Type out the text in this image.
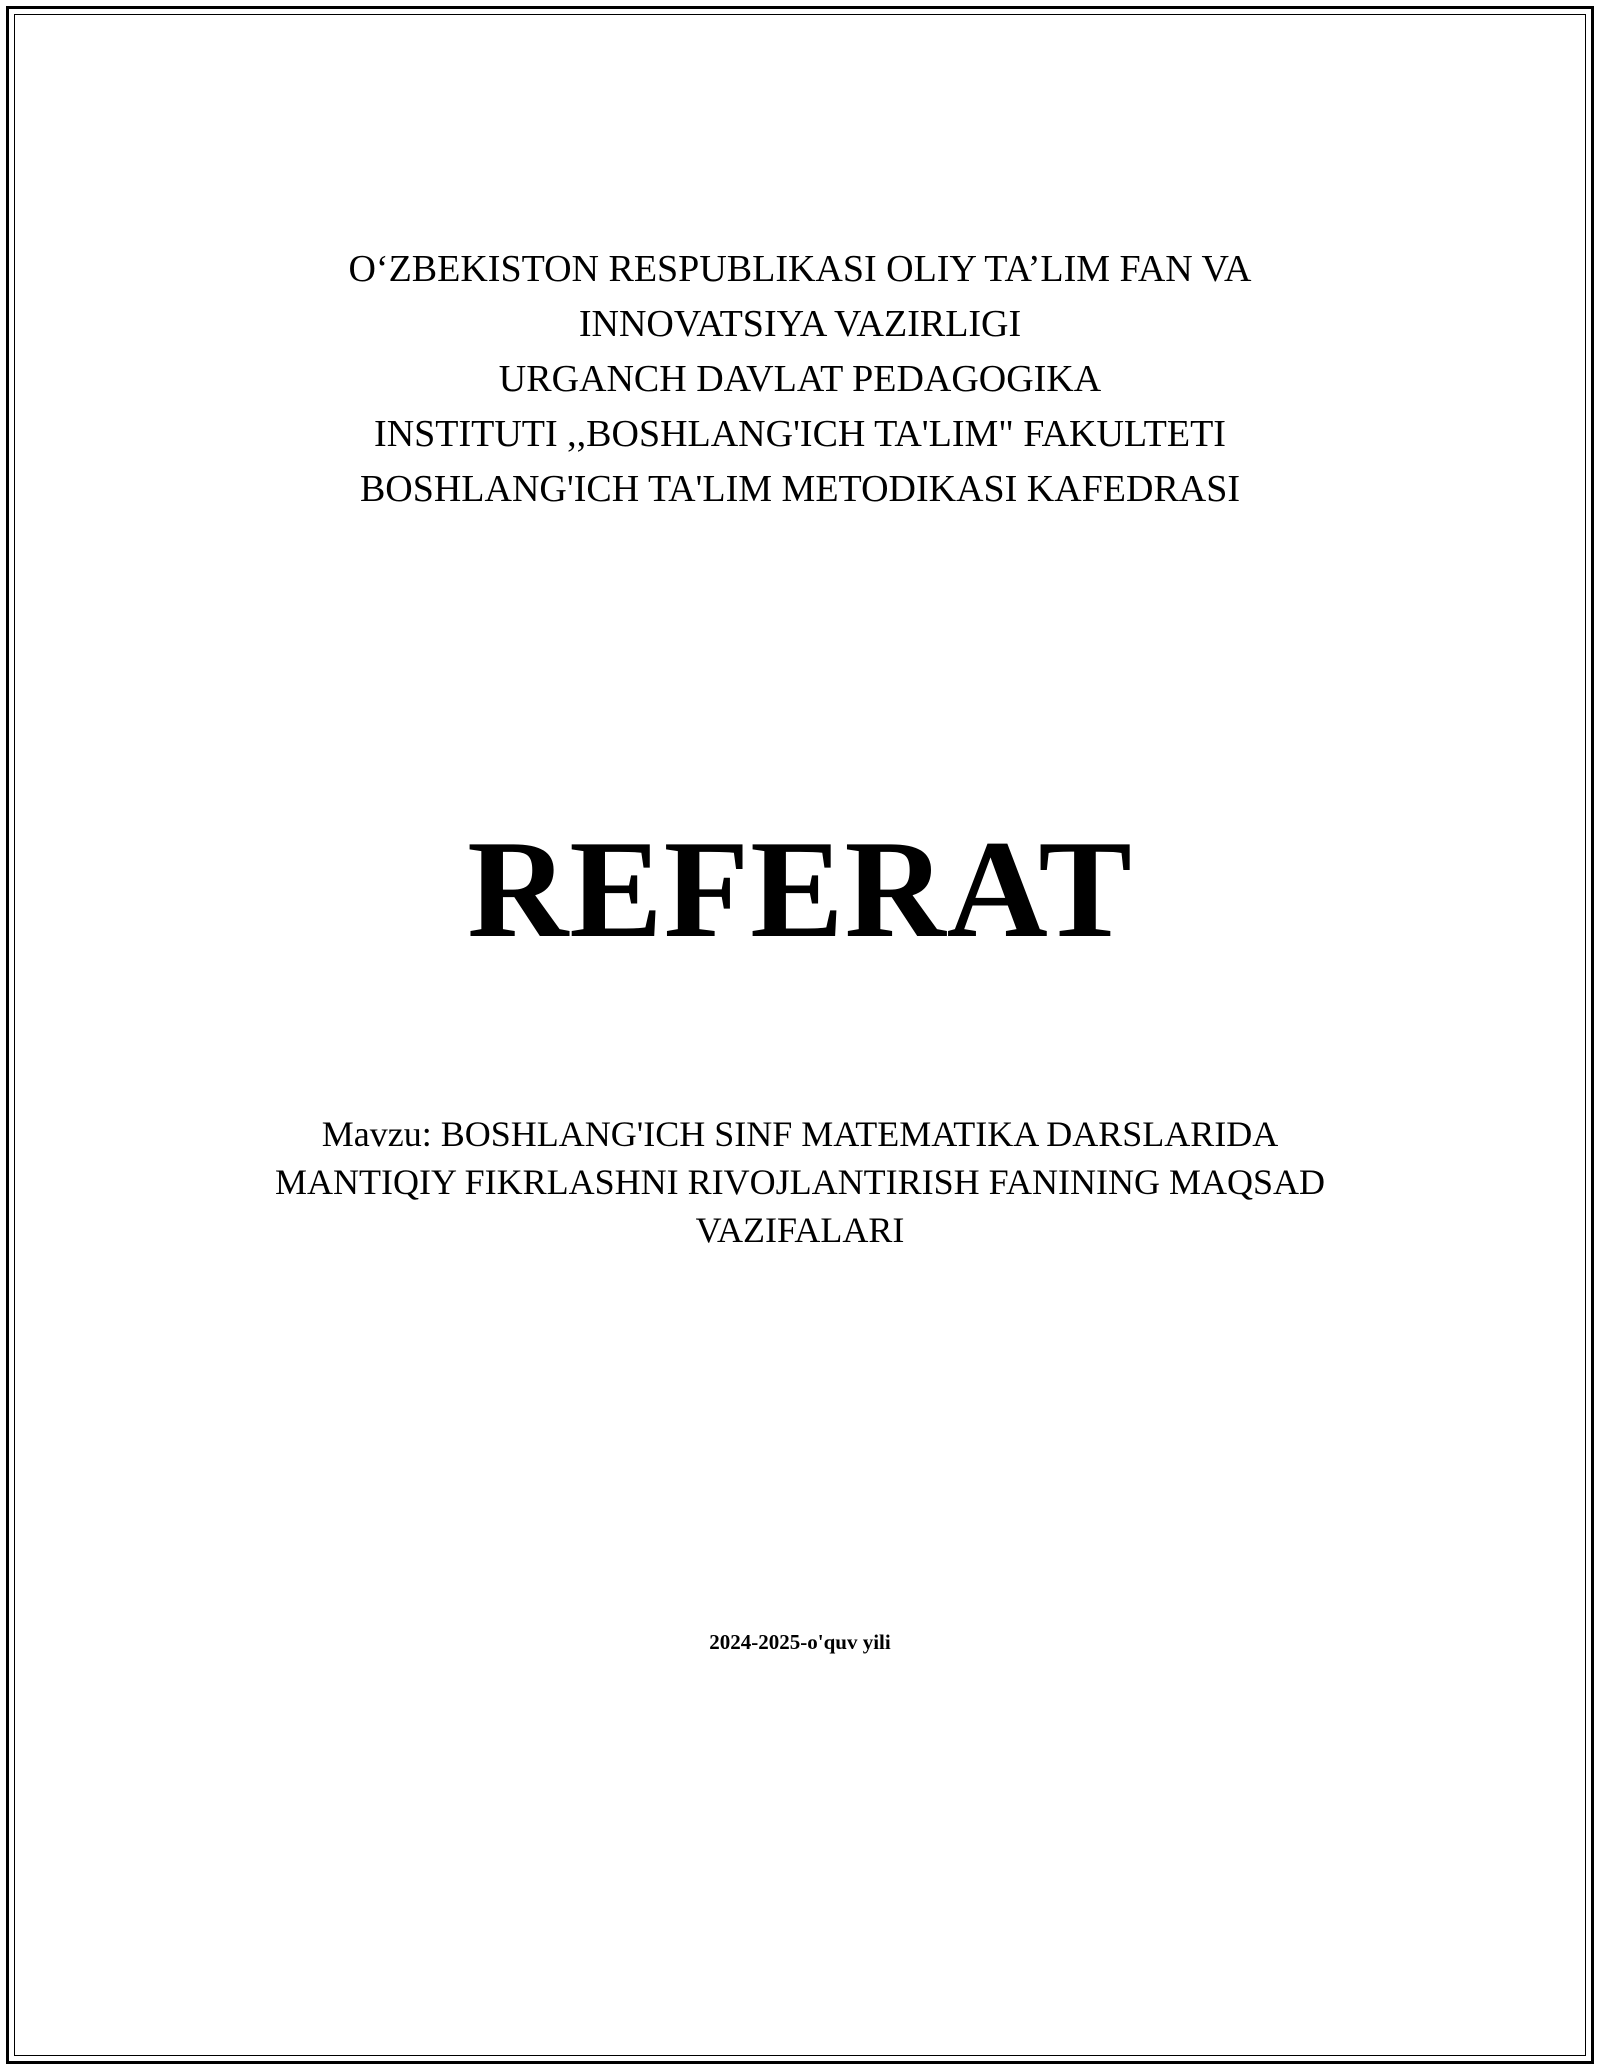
O‘ZBEKISTON RESPUBLIKASI OLIY TA’LIM FAN VA
INNOVATSIYA VAZIRLIGI
URGANCH DAVLAT PEDAGOGIKA
INSTITUTI ,,BOSHLANG'ICH TA'LIM" FAKULTETI
BOSHLANG'ICH TA'LIM METODIKASI KAFEDRASI
REFERAT
Mavzu: BOSHLANG'ICH SINF MATEMATIKA DARSLARIDA
MANTIQIY FIKRLASHNI RIVOJLANTIRISH FANINING MAQSAD
VAZIFALARI
2024-2025-o'quv yili
